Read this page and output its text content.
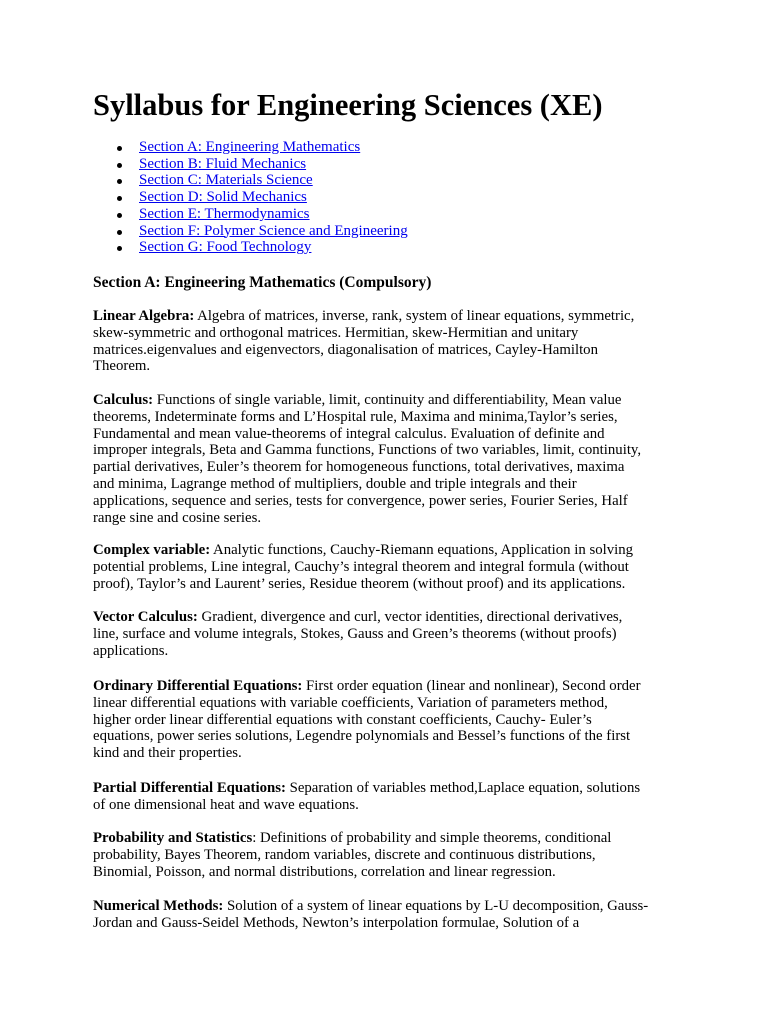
Syllabus for Engineering Sciences (XE)
Section A: Engineering Mathematics
Section B: Fluid Mechanics
Section C: Materials Science
Section D: Solid Mechanics
Section E: Thermodynamics
Section F: Polymer Science and Engineering
Section G: Food Technology
Section A: Engineering Mathematics (Compulsory)

Linear Algebra: Algebra of matrices, inverse, rank, system of linear equations, symmetric,
skew-symmetric and orthogonal matrices. Hermitian, skew-Hermitian and unitary
matrices.eigenvalues and eigenvectors, diagonalisation of matrices, Cayley-Hamilton
Theorem.

Calculus: Functions of single variable, limit, continuity and differentiability, Mean value
theorems, Indeterminate forms and L’Hospital rule, Maxima and minima,Taylor’s series,
Fundamental and mean value-theorems of integral calculus. Evaluation of definite and
improper integrals, Beta and Gamma functions, Functions of two variables, limit, continuity,
partial derivatives, Euler’s theorem for homogeneous functions, total derivatives, maxima
and minima, Lagrange method of multipliers, double and triple integrals and their
applications, sequence and series, tests for convergence, power series, Fourier Series, Half
range sine and cosine series.

Complex variable: Analytic functions, Cauchy-Riemann equations, Application in solving
potential problems, Line integral, Cauchy’s integral theorem and integral formula (without
proof), Taylor’s and Laurent’ series, Residue theorem (without proof) and its applications.

Vector Calculus: Gradient, divergence and curl, vector identities, directional derivatives,
line, surface and volume integrals, Stokes, Gauss and Green’s theorems (without proofs)
applications.

Ordinary Differential Equations: First order equation (linear and nonlinear), Second order
linear differential equations with variable coefficients, Variation of parameters method,
higher order linear differential equations with constant coefficients, Cauchy- Euler’s
equations, power series solutions, Legendre polynomials and Bessel’s functions of the first
kind and their properties.

Partial Differential Equations: Separation of variables method,Laplace equation, solutions
of one dimensional heat and wave equations.

Probability and Statistics: Definitions of probability and simple theorems, conditional
probability, Bayes Theorem, random variables, discrete and continuous distributions,
Binomial, Poisson, and normal distributions, correlation and linear regression.

Numerical Methods: Solution of a system of linear equations by L-U decomposition, Gauss-
Jordan and Gauss-Seidel Methods, Newton’s interpolation formulae, Solution of a
